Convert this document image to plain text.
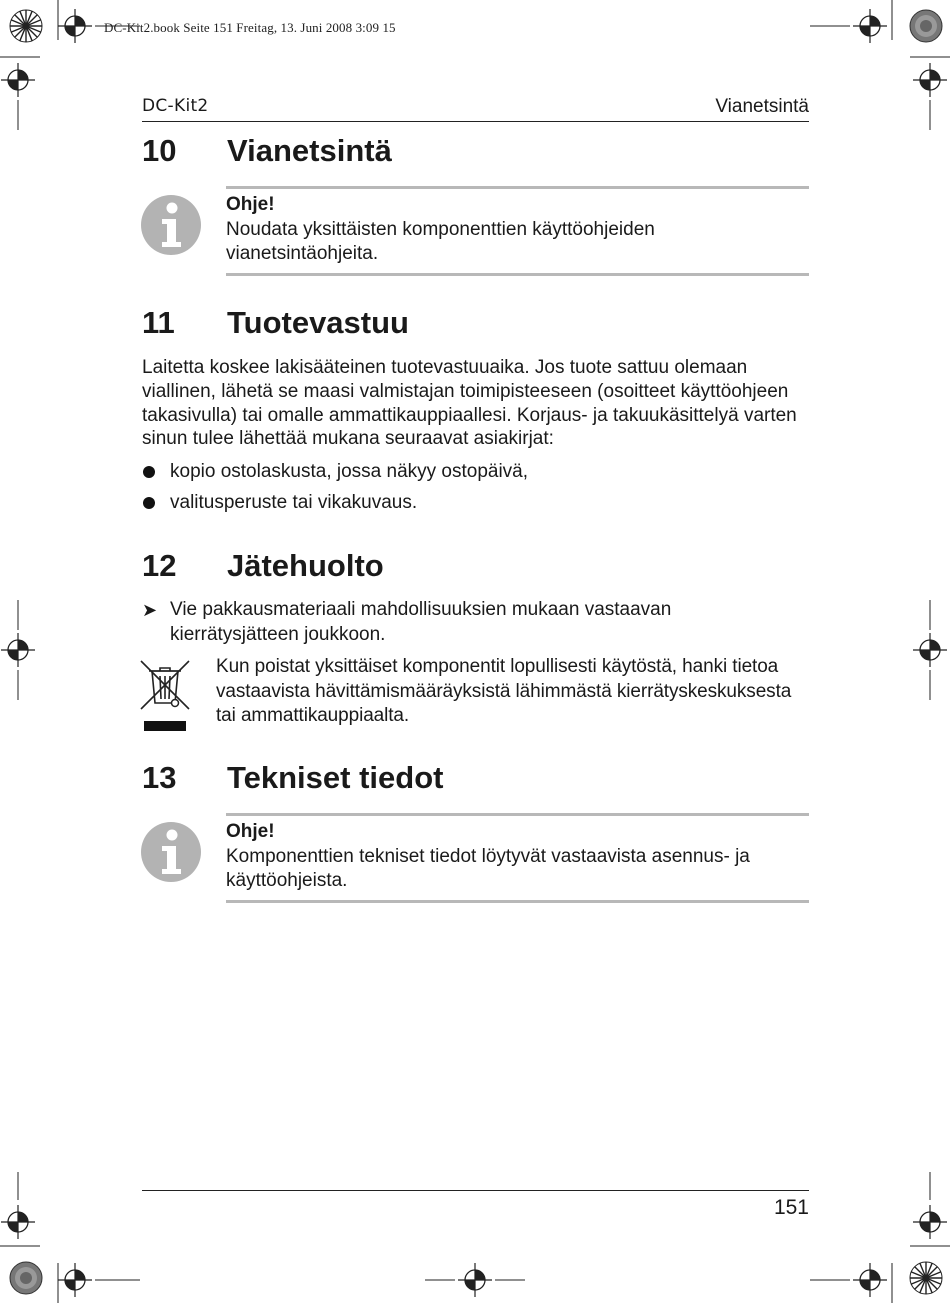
DC-Kit2.book Seite 151 Freitag, 13. Juni 2008 3:09 15
DC-Kit2	Vianetsintä
10 Vianetsintä
Ohje!
Noudata yksittäisten komponenttien käyttöohjeiden vianetsintäohjeita.
11 Tuotevastuu
Laitetta koskee lakisääteinen tuotevastuuaika. Jos tuote sattuu olemaan viallinen, lähetä se maasi valmistajan toimipisteeseen (osoitteet käyttöohjeen takasivulla) tai omalle ammattikauppiaallesi. Korjaus- ja takuukäsittelyä varten sinun tulee lähettää mukana seuraavat asiakirjat:
kopio ostolaskusta, jossa näkyy ostopäivä,
valitusperuste tai vikakuvaus.
12 Jätehuolto
➤ Vie pakkausmateriaali mahdollisuuksien mukaan vastaavan kierrätysjätteen joukkoon.
Kun poistat yksittäiset komponentit lopullisesti käytöstä, hanki tietoa vastaavista hävittämismääräyksistä lähimmästä kierrätyskeskuksesta tai ammattikauppiaalta.
13 Tekniset tiedot
Ohje!
Komponenttien tekniset tiedot löytyvät vastaavista asennus- ja käyttöohjeista.
151
